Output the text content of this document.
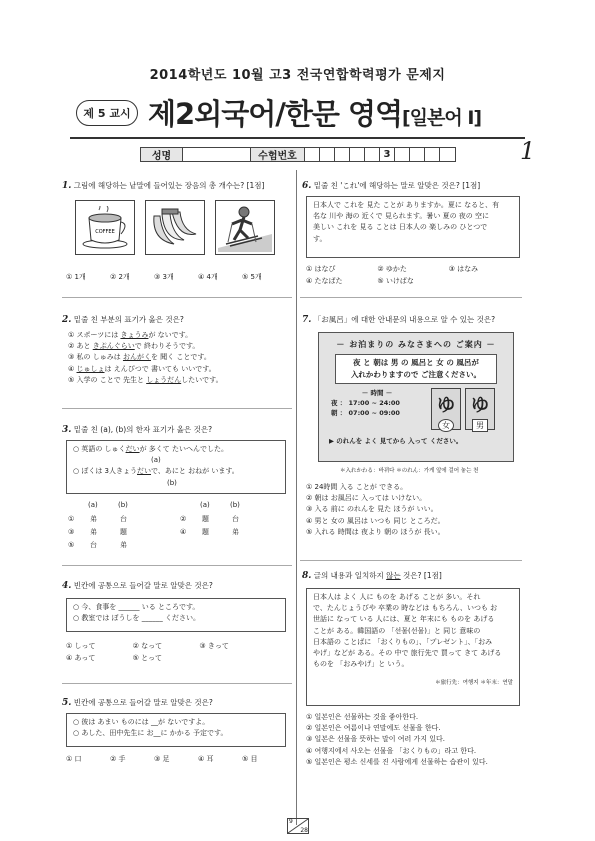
2014학년도 10월 고3 전국연합학력평가 문제지
제 5 교시 제2외국어/한문 영역[일본어 Ⅰ]
성명	수험번호	3	1
1. 그림에 해당하는 낱말에 들어있는 장음의 총 개수는? [1점]
COFFEE
① 1개	② 2개	③ 3개	④ 4개	⑤ 5개
2. 밑줄 친 부분의 표기가 옳은 것은?
① スポーツには きょうみが ないです。
② あと きぷんぐらいで 終わりそうです。
③ 私の しゅみは おんがくを 聞く ことです。
④ じゅしょは えんぴつで 書いても いいです。
⑤ 入学の ことで 先生と しょうだんしたいです。
3. 밑줄 친 (a), (b)의 한자 표기가 옳은 것은?
○ 英語の しゅくだいが 多くて たいへんでした。
(a)
○ ぼくは 3人きょうだいで、あにと おねが います。
(b)
(a)	(b)	(a)	(b)
①	弟	台	②	題	台
③	弟	題	④	題	弟
⑤	台	弟
4. 빈칸에 공통으로 들어갈 말로 알맞은 것은?
○ 今、食事を ______ いる ところです。
○ 教室では ぼうしを ______ ください。
① しって	② なって	③ きって
④ あって	⑤ とって
5. 빈칸에 공통으로 들어갈 말로 알맞은 것은?
○ 彼は あまい ものには __が ないですよ。
○ あした、田中先生に お__に かかる 予定です。
① 口	② 手	③ 足	④ 耳	⑤ 目
6. 밑줄 친 'これ'에 해당하는 말로 알맞은 것은? [1점]
日本人で これを 見た ことが ありますか。夏に なると、有
名な 川や 海の 近くで 見られます。暑い 夏の 夜の 空に
美しい これを 見る ことは 日本人の 楽しみの ひとつで
す。
① はなび	② ゆかた	③ はなみ
④ たなばた	⑤ いけばな
7. 「お風呂」에 대한 안내문의 내용으로 알 수 있는 것은?
－ お泊まりの みなさまへの ご案内 －
夜 と 朝は 男 の 風呂と 女 の 風呂が
入れかわりますので ご注意ください。
－ 時間 －
夜 ： 17:00 ~ 24:00
朝 ： 07:00 ~ 09:00	ゆ
女
ゆ
男
▶ のれんを よく 見てから 入って ください。
＊入れかわる：바뀌다 ＊のれん：가게 앞에 걸어 놓는 천
① 24時間 入る ことが できる。
② 朝は お風呂に 入っては いけない。
③ 入る 前に のれんを 見た ほうが いい。
④ 男と 女の 風呂は いつも 同じ ところだ。
⑤ 入れる 時間は 夜より 朝の ほうが 長い。
8. 글의 내용과 일치하지 않는 것은? [1점]
日本人は よく 人に ものを あげる ことが 多い。それ
で、たんじょうびや 卒業の 時などは もちろん、いつも お
世話に なって いる 人には、夏と 年末にも ものを あげる
ことが ある。韓国語の 「선물(선물)」と 同じ 意味の
日本語の ことばに 「おくりもの」、「プレゼント」、「おみ
やげ」などが ある。その 中で 旅行先で 買って きて あげる
ものを 「おみやげ」と いう。
＊旅行先：여행지 ＊年末：연말
① 일본인은 선물하는 것을 좋아한다.
② 일본인은 여름이나 연말에도 선물을 한다.
③ 일본은 선물을 뜻하는 말이 여러 가지 있다.
④ 여행지에서 사오는 선물을 「おくりもの」라고 한다.
⑤ 일본인은 평소 신세를 진 사람에게 선물하는 습관이 있다.
9
28
